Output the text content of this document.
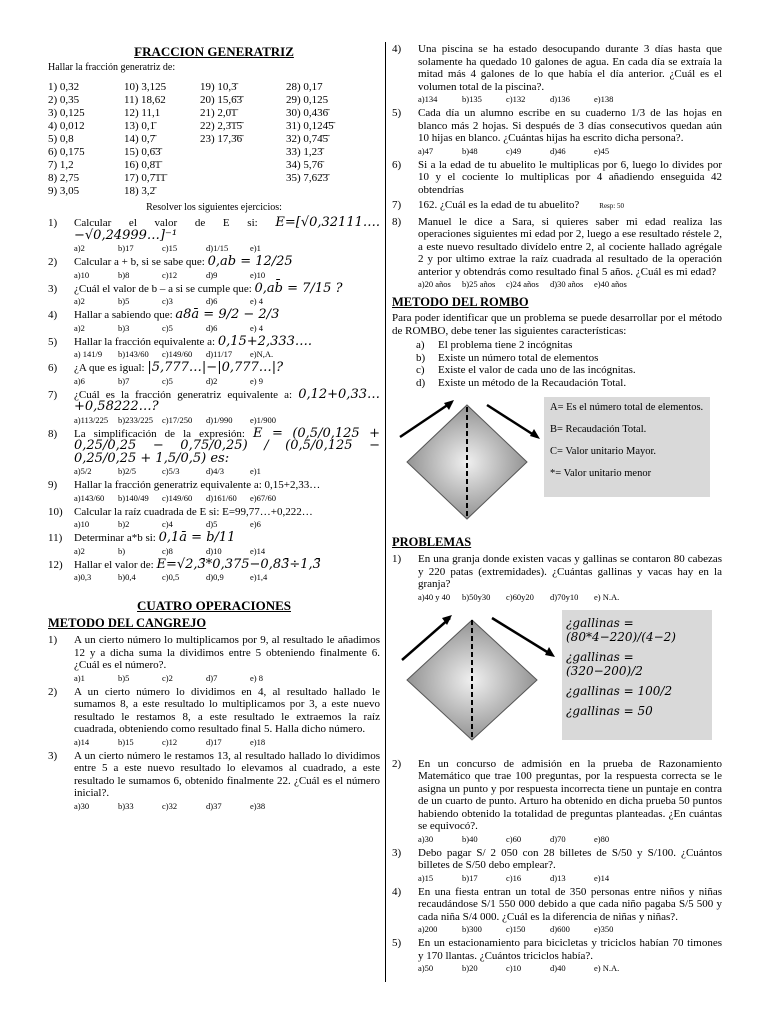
FRACCION GENERATRIZ
Hallar la fracción generatriz de:
1) 0,32	10) 3,125	19) 10,3̄	28) 0,17
2) 0,35	11) 18,62	20) 15,6̄3̄	29) 0,125
3) 0,125	12) 11,1	21) 2,0̄1̄	30) 0,436̄
4) 0,012	13) 0,1̄	22) 2,3̄1̄5̄	31) 0,124̄5̄
5) 0,8	14) 0,7̄	23) 17,3̄6̄	32) 0,74̄5̄
6) 0,175	15) 0,6̄3̄	33) 1,23̄
7) 1,2	16) 0,8̄1̄	34) 5,76̄
8) 2,75	17) 0,7̄1̄1̄	35) 7,62̄3̄
9) 3,05	18) 3,2̄
Resolver los siguientes ejercicios:
1)	Calcular el valor de E si: E=[√0,32111….−√0,24999…]⁻¹
a)2	b)17	c)15	d)1/15	e)1
2)	Calcular a + b, si se sabe que: 0,ab = 12/25
a)10	b)8	c)12	d)9	e)10
3)	¿Cuál el valor de b – a si se cumple que: 0,ab̄ = 7/15 ?
a)2	b)5	c)3	d)6	e) 4
4)	Hallar a sabiendo que: a8ā = 9/2 − 2/3
a)2	b)3	c)5	d)6	e) 4
5)	Hallar la fracción equivalente a: 0,15+2,333….
a) 141/9	b)143/60	c)149/60	d)11/17	e)N,A.
6)	¿A que es igual: |5,777…|−|0,777…|?
a)6	b)7	c)5	d)2	e) 9
7)	¿Cuál es la fracción generatriz equivalente a: 0,12+0,33…+0,58222…?
a)113/225	b)233/225	c)17/250	d)1/990	e)1/900
8)	La simplificación de la expresión: E = (0,5/0,125 + 0,25/0,25 − 0,75/0,25) / (0,5/0,125 − 0,25/0,25 + 1,5/0,5) es:
a)5/2	b)2/5	c)5/3	d)4/3	e)1
9)	Hallar la fracción generatriz equivalente a: 0,15+2,33…
a)143/60	b)140/49	c)149/60	d)161/60	e)67/60
10)	Calcular la raíz cuadrada de E si: E=99,77…+0,222…
a)10	b)2	c)4	d)5	e)6
11)	Determinar a*b si: 0,1ā = b/11
a)2	b)	c)8	d)10	e)14
12)	Hallar el valor de: E=√2,3̄*0,375−0,83̄÷1,3̄
a)0,3	b)0,4	c)0,5	d)0,9	e)1,4
CUATRO OPERACIONES
METODO DEL CANGREJO
1)	A un cierto número lo multiplicamos por 9, al resultado le añadimos 12 y a dicha suma la dividimos entre 5 obteniendo finalmente 6. ¿Cuál es el número?.
a)1	b)5	c)2	d)7	e) 8
2)	A un cierto número lo dividimos en 4, al resultado hallado le sumamos 8, a este resultado lo multiplicamos por 3, a este nuevo resultado le restamos 8, a este resultado le extraemos la raíz cuadrada, obteniendo como resultado final 5. Halla dicho número.
a)14	b)15	c)12	d)17	e)18
3)	A un cierto número le restamos 13, al resultado hallado lo dividimos entre 5 a este nuevo resultado lo elevamos al cuadrado, a este resultado le sumamos 6, obtenido finalmente 22. ¿Cuál es el número inicial?.
a)30	b)33	c)32	d)37	e)38
4)	Una piscina se ha estado desocupando durante 3 días hasta que solamente ha quedado 10 galones de agua. En cada día se extraía la mitad más 4 galones de lo que había el día anterior. ¿Cuál es el volumen total de la piscina?.
a)134	b)135	c)132	d)136	e)138
5)	Cada día un alumno escribe en su cuaderno 1/3 de las hojas en blanco más 2 hojas. Si después de 3 días consecutivos quedan aún 10 hijas en blanco. ¿Cuántas hijas ha escrito dicha persona?.
a)47	b)48	c)49	d)46	e)45
6)	Si a la edad de tu abuelito le multiplicas por 6, luego lo divides por 10 y el cociente lo multiplicas por 4 añadiendo enseguida 42 obtendrías
7)	162. ¿Cuál es la edad de tu abuelito?	Resp: 50
8)	Manuel le dice a Sara, si quieres saber mi edad realiza las operaciones siguientes mi edad por 2, luego a ese resultado réstele 2, a este nuevo resultado divídelo entre 2, al cociente hallado agrégale 2 y por ultimo extrae la raíz cuadrada al resultado de la operación anterior y obtendrás como resultado final 5 años. ¿Cuál es mi edad?
a)20 años	b)25 años	c)24 años	d)30 años	e)40 años
METODO DEL ROMBO
Para poder identificar que un problema se puede desarrollar por el método de ROMBO, debe tener las siguientes características:
a)	El problema tiene 2 incógnitas
b)	Existe un número total de elementos
c)	Existe el valor de cada uno de las incógnitas.
d)	Existe un método de la Recaudación Total.

A= Es el número total de elementos.

B= Recaudación Total.

C= Valor unitario Mayor.

*= Valor unitario menor

PROBLEMAS
1)	En una granja donde existen vacas y gallinas se contaron 80 cabezas y 220 patas (extremidades). ¿Cuántas gallinas y vacas hay en la granja?
a)40 y 40	b)50y30	c)60y20	d)70y10	e) N.A.
¿gallinas = (80*4−220)/(4−2)
¿gallinas = (320−200)/2
¿gallinas = 100/2
¿gallinas = 50
2)	En un concurso de admisión en la prueba de Razonamiento Matemático que trae 100 preguntas, por la respuesta correcta se le asigna un punto y por respuesta incorrecta tiene un puntaje en contra de un cuarto de punto. Arturo ha obtenido en dicha prueba 50 puntos habiendo obtenido la totalidad de preguntas planteadas. ¿En cuántas se equivocó?.
a)30	b)40	c)60	d)70	e)80
3)	Debo pagar S/ 2 050 con 28 billetes de S/50 y S/100. ¿Cuántos billetes de S/50 debo emplear?.
a)15	b)17	c)16	d)13	e)14
4)	En una fiesta entran un total de 350 personas entre niños y niñas recaudándose S/1 550 000 debido a que cada niño pagaba S/5 500 y cada niña S/4 000. ¿Cuál es la diferencia de niñas y niñas?.
a)200	b)300	c)150	d)600	e)350
5)	En un estacionamiento para bicicletas y triciclos habían 70 timones y 170 llantas. ¿Cuántos triciclos había?.
a)50	b)20	c)10	d)40	e) N.A.
